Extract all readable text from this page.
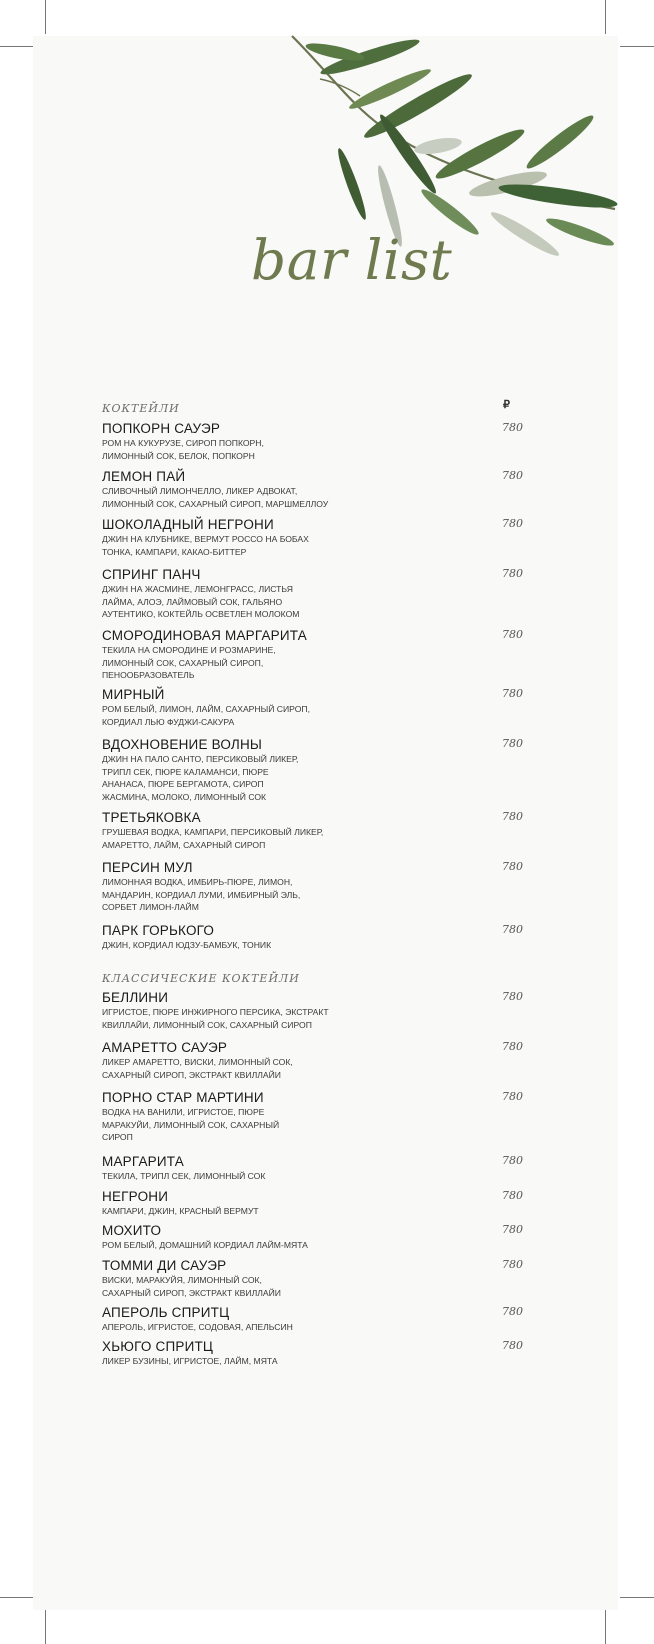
bar list
₽
КОКТЕЙЛИ
ПОПКОРН САУЭР
РОМ НА КУКУРУЗЕ, СИРОП ПОПКОРН,
ЛИМОННЫЙ СОК, БЕЛОК, ПОПКОРН
780
ЛЕМОН ПАЙ
СЛИВОЧНЫЙ ЛИМОНЧЕЛЛО, ЛИКЕР АДВОКАТ,
ЛИМОННЫЙ СОК, САХАРНЫЙ СИРОП, МАРШМЕЛЛОУ
780
ШОКОЛАДНЫЙ НЕГРОНИ
ДЖИН НА КЛУБНИКЕ, ВЕРМУТ РОССО НА БОБАХ
ТОНКА, КАМПАРИ, КАКАО-БИТТЕР
780
СПРИНГ ПАНЧ
ДЖИН НА ЖАСМИНЕ, ЛЕМОНГРАСС, ЛИСТЬЯ
ЛАЙМА, АЛОЭ, ЛАЙМОВЫЙ СОК, ГАЛЬЯНО
АУТЕНТИКО, КОКТЕЙЛЬ ОСВЕТЛЕН МОЛОКОМ
780
СМОРОДИНОВАЯ МАРГАРИТА
ТЕКИЛА НА СМОРОДИНЕ И РОЗМАРИНЕ,
ЛИМОННЫЙ СОК, САХАРНЫЙ СИРОП,
ПЕНООБРАЗОВАТЕЛЬ
780
МИРНЫЙ
РОМ БЕЛЫЙ, ЛИМОН, ЛАЙМ, САХАРНЫЙ СИРОП,
КОРДИАЛ ЛЬЮ ФУДЖИ-САКУРА
780
ВДОХНОВЕНИЕ ВОЛНЫ
ДЖИН НА ПАЛО САНТО, ПЕРСИКОВЫЙ ЛИКЕР,
ТРИПЛ СЕК, ПЮРЕ КАЛАМАНСИ, ПЮРЕ
АНАНАСА, ПЮРЕ БЕРГАМОТА, СИРОП
ЖАСМИНА, МОЛОКО, ЛИМОННЫЙ СОК
780
ТРЕТЬЯКОВКА
ГРУШЕВАЯ ВОДКА, КАМПАРИ, ПЕРСИКОВЫЙ ЛИКЕР,
АМАРЕТТО, ЛАЙМ, САХАРНЫЙ СИРОП
780
ПЕРСИН МУЛ
ЛИМОННАЯ ВОДКА, ИМБИРЬ-ПЮРЕ, ЛИМОН,
МАНДАРИН, КОРДИАЛ ЛУМИ, ИМБИРНЫЙ ЭЛЬ,
СОРБЕТ ЛИМОН-ЛАЙМ
780
ПАРК ГОРЬКОГО
ДЖИН, КОРДИАЛ ЮДЗУ-БАМБУК, ТОНИК
780
КЛАССИЧЕСКИЕ КОКТЕЙЛИ
БЕЛЛИНИ
ИГРИСТОЕ, ПЮРЕ ИНЖИРНОГО ПЕРСИКА, ЭКСТРАКТ
КВИЛЛАЙИ, ЛИМОННЫЙ СОК, САХАРНЫЙ СИРОП
780
АМАРЕТТО САУЭР
ЛИКЕР АМАРЕТТО, ВИСКИ, ЛИМОННЫЙ СОК,
САХАРНЫЙ СИРОП, ЭКСТРАКТ КВИЛЛАЙИ
780
ПОРНО СТАР МАРТИНИ
ВОДКА НА ВАНИЛИ, ИГРИСТОЕ, ПЮРЕ
МАРАКУЙИ, ЛИМОННЫЙ СОК, САХАРНЫЙ
СИРОП
780
МАРГАРИТА
ТЕКИЛА, ТРИПЛ СЕК, ЛИМОННЫЙ СОК
780
НЕГРОНИ
КАМПАРИ, ДЖИН, КРАСНЫЙ ВЕРМУТ
780
МОХИТО
РОМ БЕЛЫЙ, ДОМАШНИЙ КОРДИАЛ ЛАЙМ-МЯТА
780
ТОММИ ДИ САУЭР
ВИСКИ, МАРАКУЙЯ, ЛИМОННЫЙ СОК,
САХАРНЫЙ СИРОП, ЭКСТРАКТ КВИЛЛАЙИ
780
АПЕРОЛЬ СПРИТЦ
АПЕРОЛЬ, ИГРИСТОЕ, СОДОВАЯ, АПЕЛЬСИН
780
ХЬЮГО СПРИТЦ
ЛИКЕР БУЗИНЫ, ИГРИСТОЕ, ЛАЙМ, МЯТА
780
